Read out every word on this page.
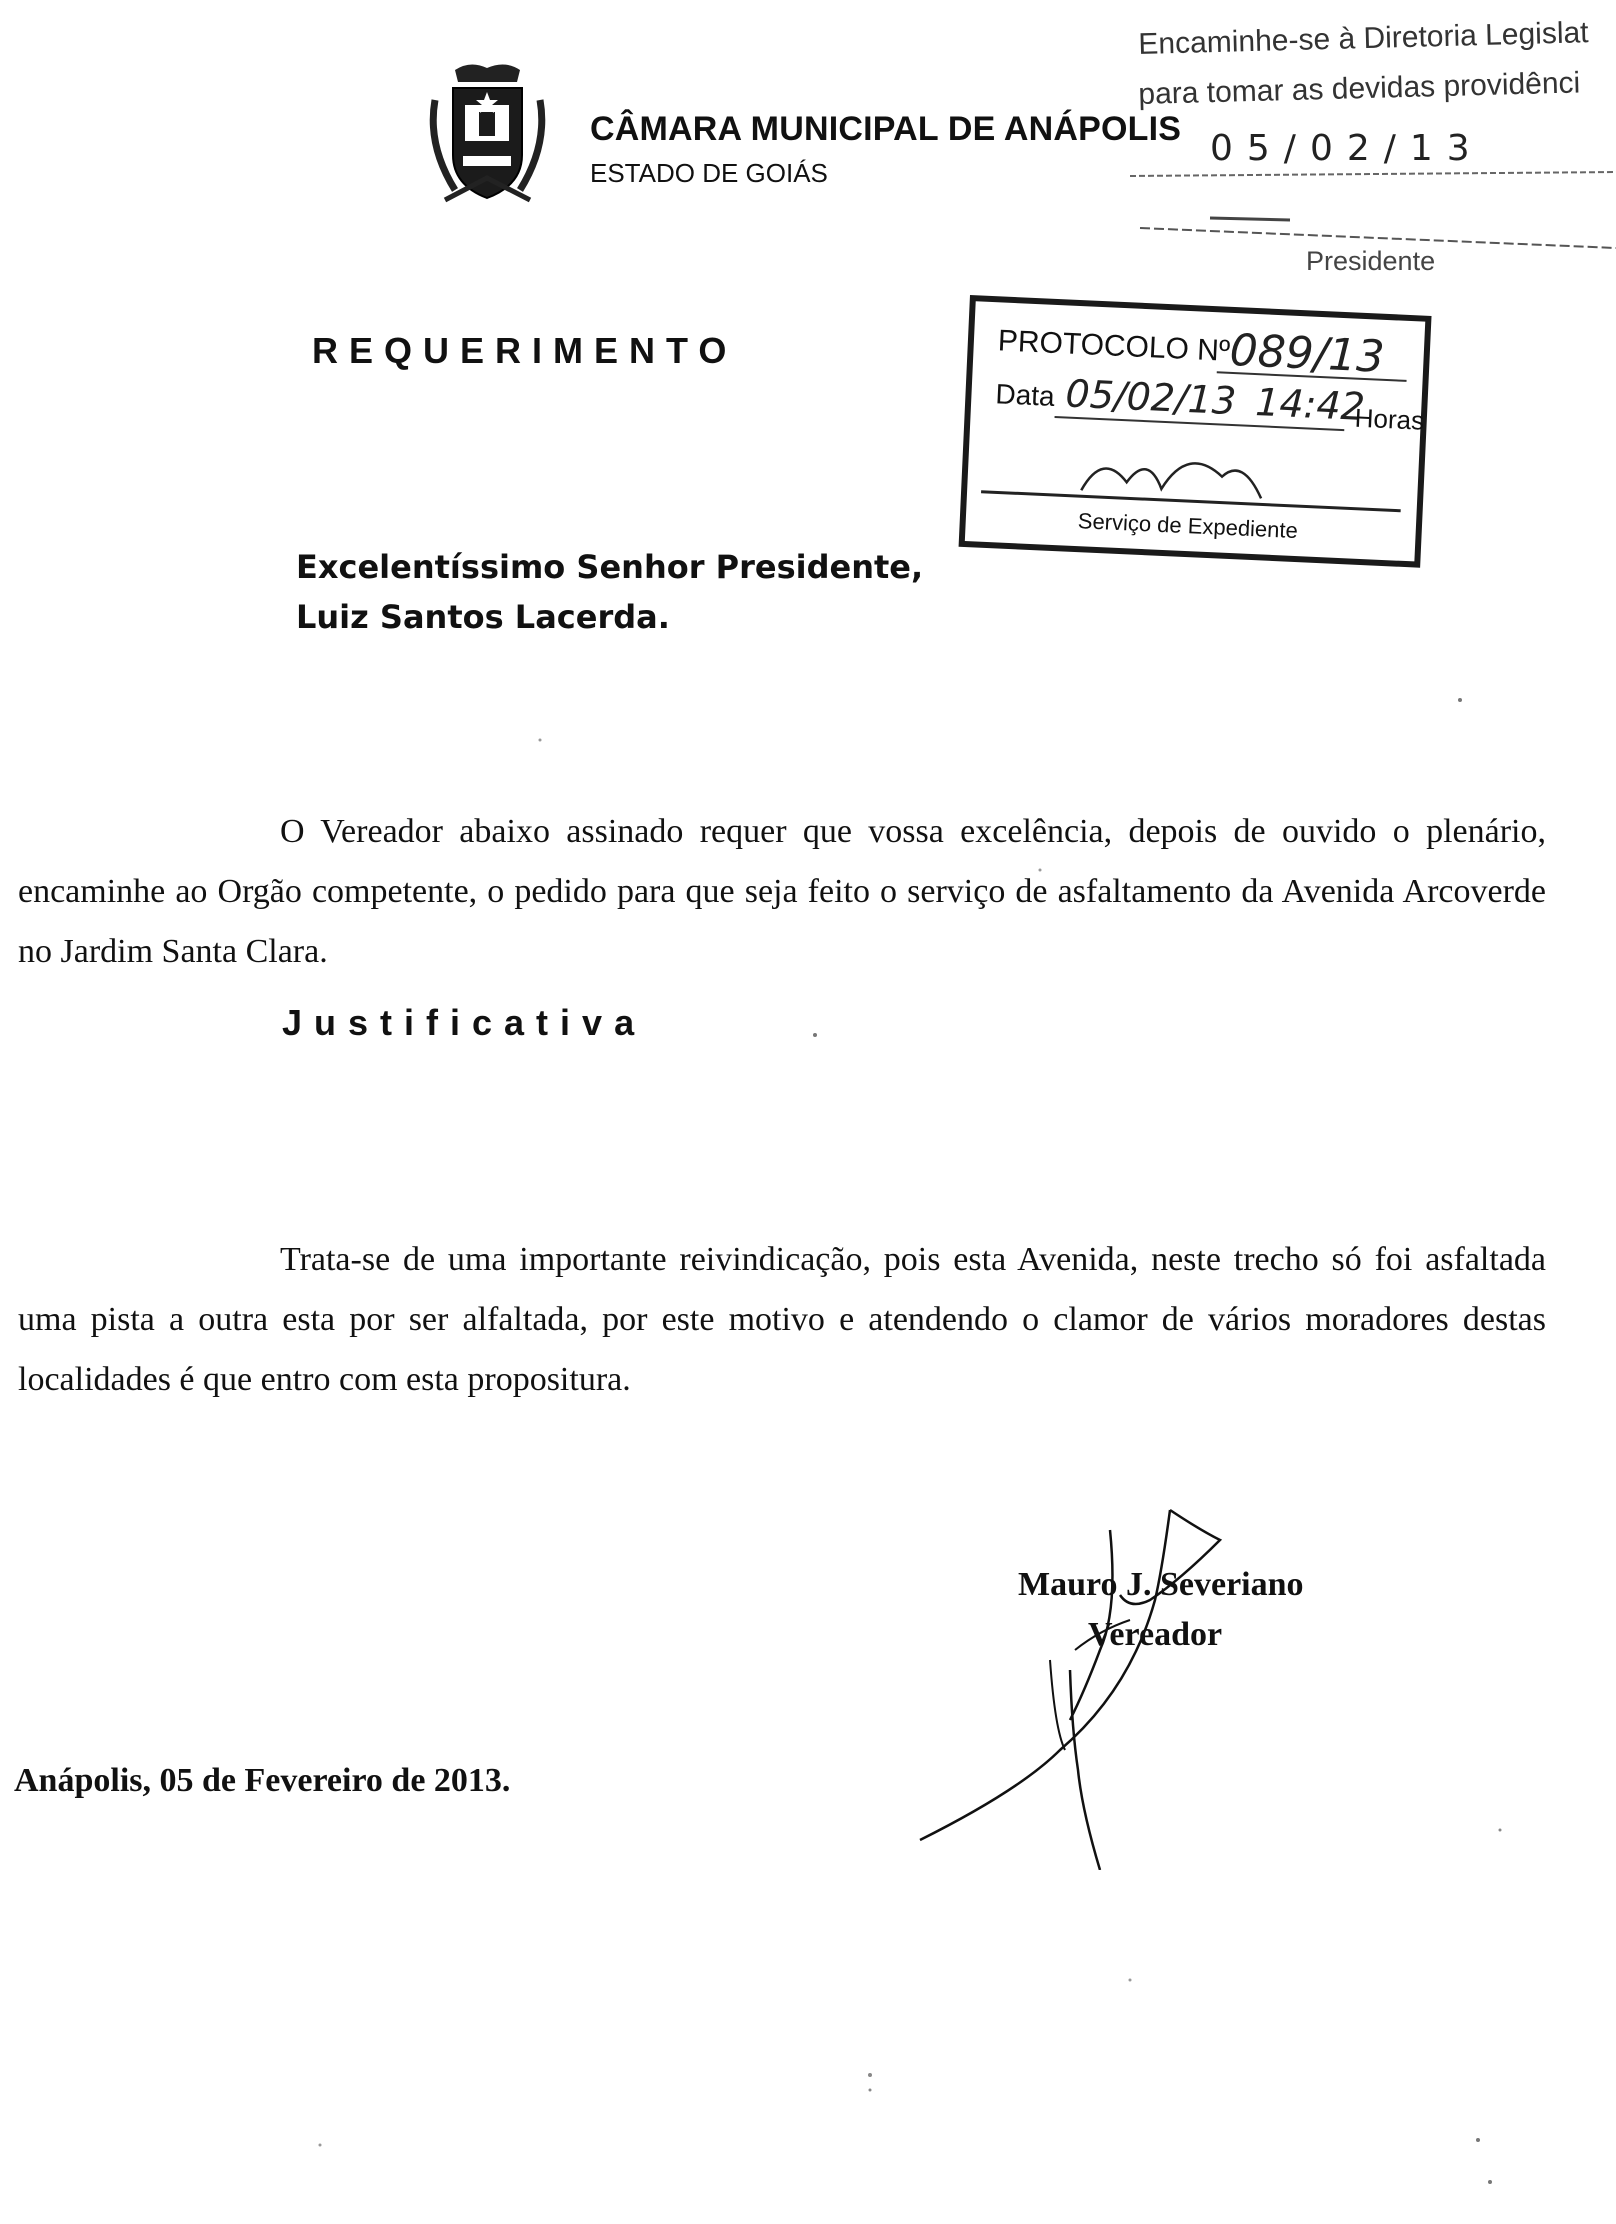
CÂMARA MUNICIPAL DE ANÁPOLIS
ESTADO DE GOIÁS
Encaminhe-se à Diretoria Legislat
para tomar as devidas providênci
05/02/13
Presidente
PROTOCOLO Nº
089/13
Data 05/02/13 14:42
Horas
Serviço de Expediente
REQUERIMENTO
Excelentíssimo Senhor Presidente,
Luiz Santos Lacerda.
O Vereador abaixo assinado requer que vossa excelência, depois de ouvido o plenário, encaminhe ao Orgão competente, o pedido para que seja feito o serviço de asfaltamento da Avenida Arcoverde no Jardim Santa Clara.
Justificativa
Trata-se de uma importante reivindicação, pois esta Avenida, neste trecho só foi asfaltada uma pista a outra esta por ser alfaltada, por este motivo e atendendo o clamor de vários moradores destas localidades é que entro com esta propositura.
Mauro J. Severiano
Vereador
Anápolis, 05 de Fevereiro de 2013.
